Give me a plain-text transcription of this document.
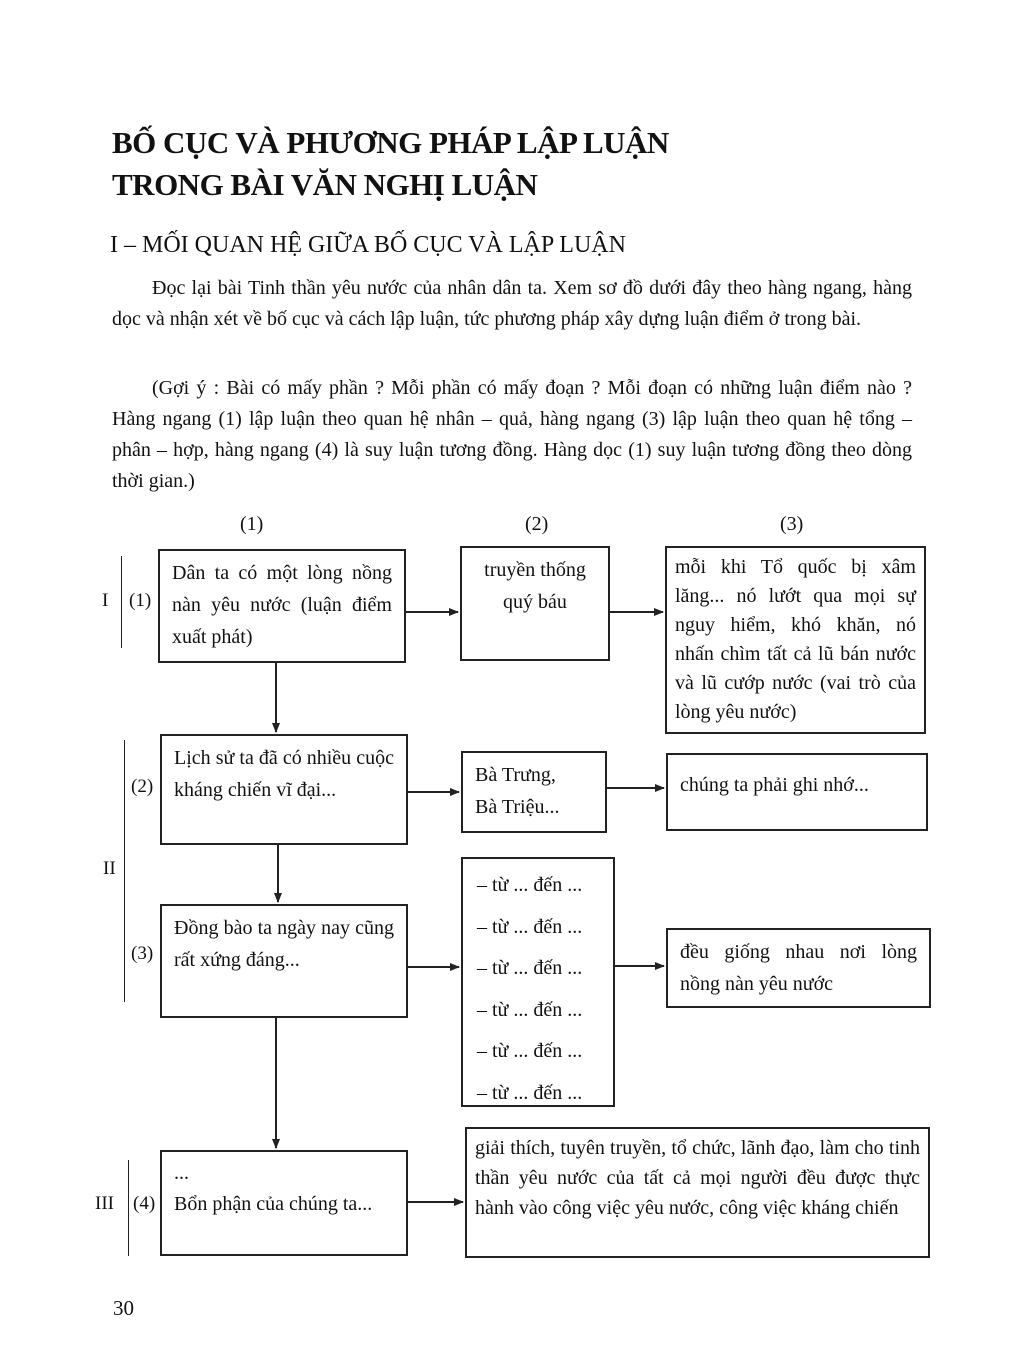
BỐ CỤC VÀ PHƯƠNG PHÁP LẬP LUẬN
TRONG BÀI VĂN NGHỊ LUẬN
I – MỐI QUAN HỆ GIỮA BỐ CỤC VÀ LẬP LUẬN
Đọc lại bài Tinh thần yêu nước của nhân dân ta. Xem sơ đồ dưới đây theo hàng ngang, hàng dọc và nhận xét về bố cục và cách lập luận, tức phương pháp xây dựng luận điểm ở trong bài.
(Gợi ý : Bài có mấy phần ? Mỗi phần có mấy đoạn ? Mỗi đoạn có những luận điểm nào ? Hàng ngang (1) lập luận theo quan hệ nhân – quả, hàng ngang (3) lập luận theo quan hệ tổng – phân – hợp, hàng ngang (4) là suy luận tương đồng. Hàng dọc (1) suy luận tương đồng theo dòng thời gian.)
(1)	(2)	(3)
I (1)
II
(2)
(3)
III (4)
Dân ta có một lòng nồng nàn yêu nước (luận điểm xuất phát)
truyền thống quý báu
mỗi khi Tổ quốc bị xâm lăng... nó lướt qua mọi sự nguy hiểm, khó khăn, nó nhấn chìm tất cả lũ bán nước và lũ cướp nước (vai trò của lòng yêu nước)
Lịch sử ta đã có nhiều cuộc kháng chiến vĩ đại...
Bà Trưng,
Bà Triệu...
chúng ta phải ghi nhớ...
Đồng bào ta ngày nay cũng rất xứng đáng...
– từ ... đến ...
– từ ... đến ...
– từ ... đến ...
– từ ... đến ...
– từ ... đến ...
– từ ... đến ...
đều giống nhau nơi lòng nồng nàn yêu nước
...
Bổn phận của chúng ta...
giải thích, tuyên truyền, tổ chức, lãnh đạo, làm cho tinh thần yêu nước của tất cả mọi người đều được thực hành vào công việc yêu nước, công việc kháng chiến
30
